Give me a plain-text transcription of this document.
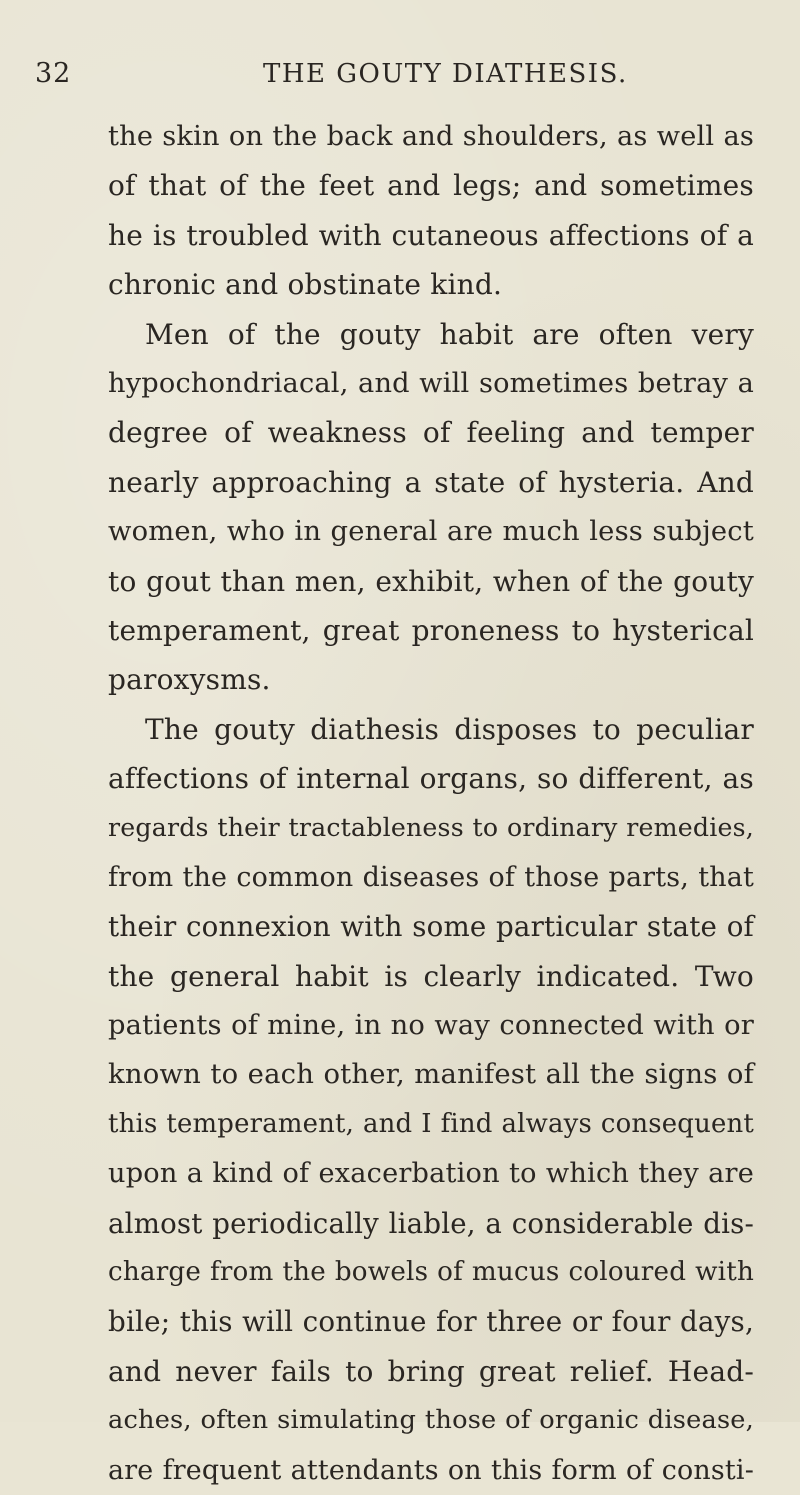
32	THE GOUTY DIATHESIS.
the skin on the back and shoulders, as well as
of that of the feet and legs; and sometimes
he is troubled with cutaneous affections of a
chronic and obstinate kind.
Men of the gouty habit are often very
hypochondriacal, and will sometimes betray a
degree of weakness of feeling and temper
nearly approaching a state of hysteria. And
women, who in general are much less subject
to gout than men, exhibit, when of the gouty
temperament, great proneness to hysterical
paroxysms.
The gouty diathesis disposes to peculiar
affections of internal organs, so different, as
regards their tractableness to ordinary remedies,
from the common diseases of those parts, that
their connexion with some particular state of
the general habit is clearly indicated. Two
patients of mine, in no way connected with or
known to each other, manifest all the signs of
this temperament, and I find always consequent
upon a kind of exacerbation to which they are
almost periodically liable, a considerable dis-
charge from the bowels of mucus coloured with
bile; this will continue for three or four days,
and never fails to bring great relief. Head-
aches, often simulating those of organic disease,
are frequent attendants on this form of consti-
